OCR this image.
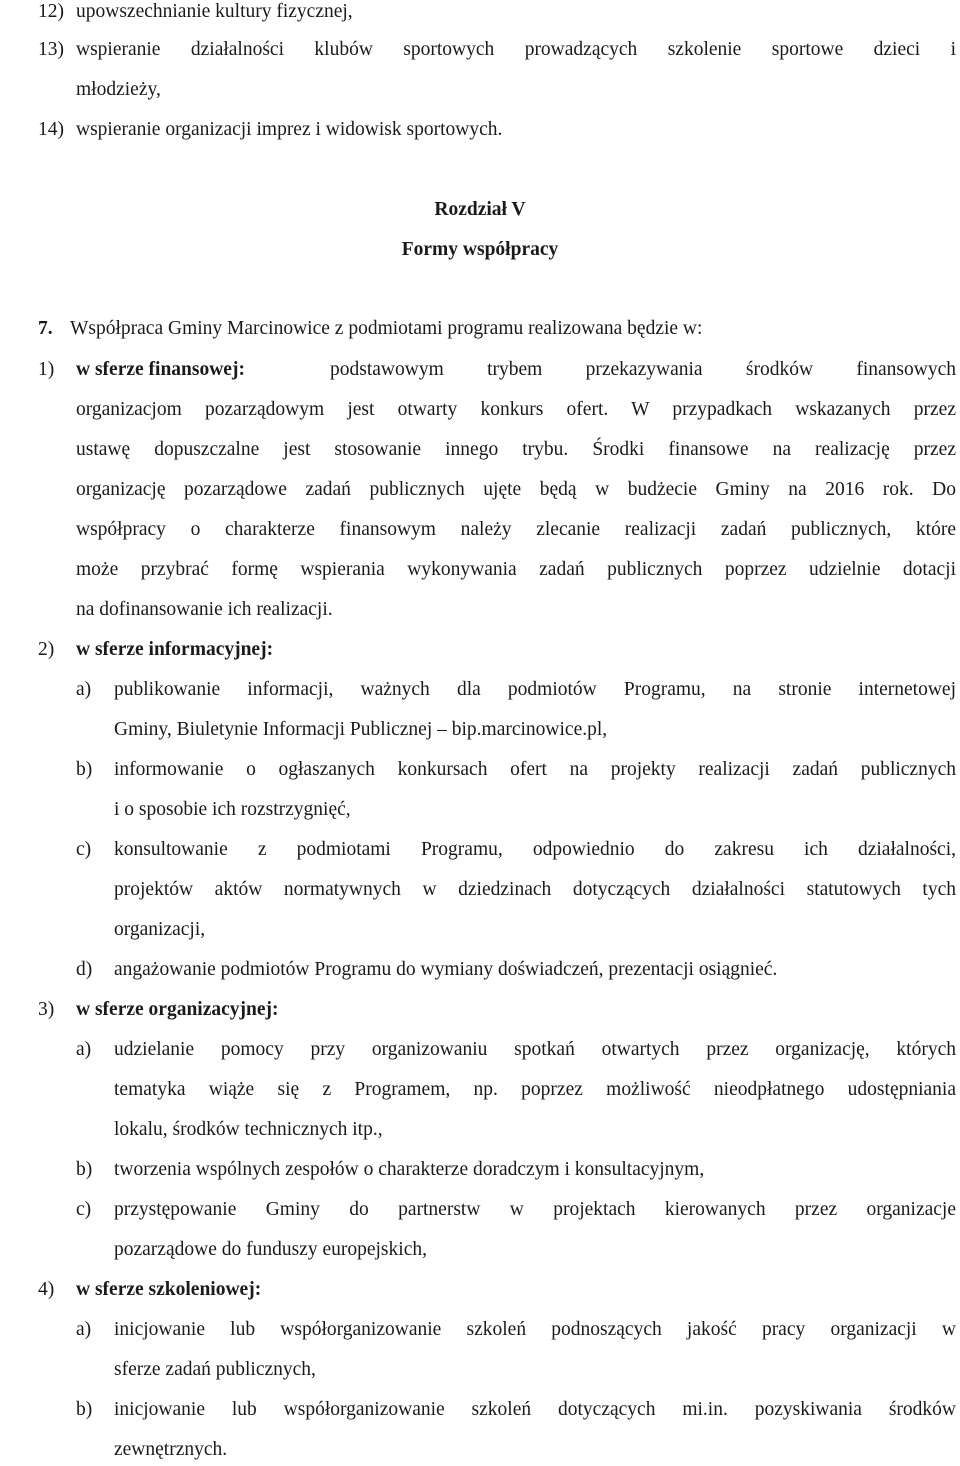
12) upowszechnianie kultury fizycznej,
13) wspieranie działalności klubów sportowych prowadzących szkolenie sportowe dzieci i
młodzieży,
14) wspieranie organizacji imprez i widowisk sportowych.
Rozdział V
Formy współpracy
7. Współpraca Gminy Marcinowice z podmiotami programu realizowana będzie w:
1) w sferze finansowej:	podstawowym trybem przekazywania środków finansowych
organizacjom pozarządowym jest otwarty konkurs ofert. W przypadkach wskazanych przez
ustawę dopuszczalne jest stosowanie innego trybu. Środki finansowe na realizację przez
organizację pozarządowe zadań publicznych ujęte będą w budżecie Gminy na 2016 rok. Do
współpracy o charakterze finansowym należy zlecanie realizacji zadań publicznych, które
może przybrać formę wspierania wykonywania zadań publicznych poprzez udzielnie dotacji
na dofinansowanie ich realizacji.
2) w sferze informacyjnej:
a) publikowanie informacji, ważnych dla podmiotów Programu, na stronie internetowej
Gminy, Biuletynie Informacji Publicznej – bip.marcinowice.pl,
b) informowanie o ogłaszanych konkursach ofert na projekty realizacji zadań publicznych
i o sposobie ich rozstrzygnięć,
c) konsultowanie z podmiotami Programu, odpowiednio do zakresu ich działalności,
projektów aktów normatywnych w dziedzinach dotyczących działalności statutowych tych
organizacji,
d) angażowanie podmiotów Programu do wymiany doświadczeń, prezentacji osiągnieć.
3) w sferze organizacyjnej:
a) udzielanie pomocy przy organizowaniu spotkań otwartych przez organizację, których
tematyka wiąże się z Programem, np. poprzez możliwość nieodpłatnego udostępniania
lokalu, środków technicznych itp.,
b) tworzenia wspólnych zespołów o charakterze doradczym i konsultacyjnym,
c) przystępowanie Gminy do partnerstw w projektach kierowanych przez organizacje
pozarządowe do funduszy europejskich,
4) w sferze szkoleniowej:
a) inicjowanie lub współorganizowanie szkoleń podnoszących jakość pracy organizacji w
sferze zadań publicznych,
b) inicjowanie lub współorganizowanie szkoleń dotyczących mi.in. pozyskiwania środków
zewnętrznych.
